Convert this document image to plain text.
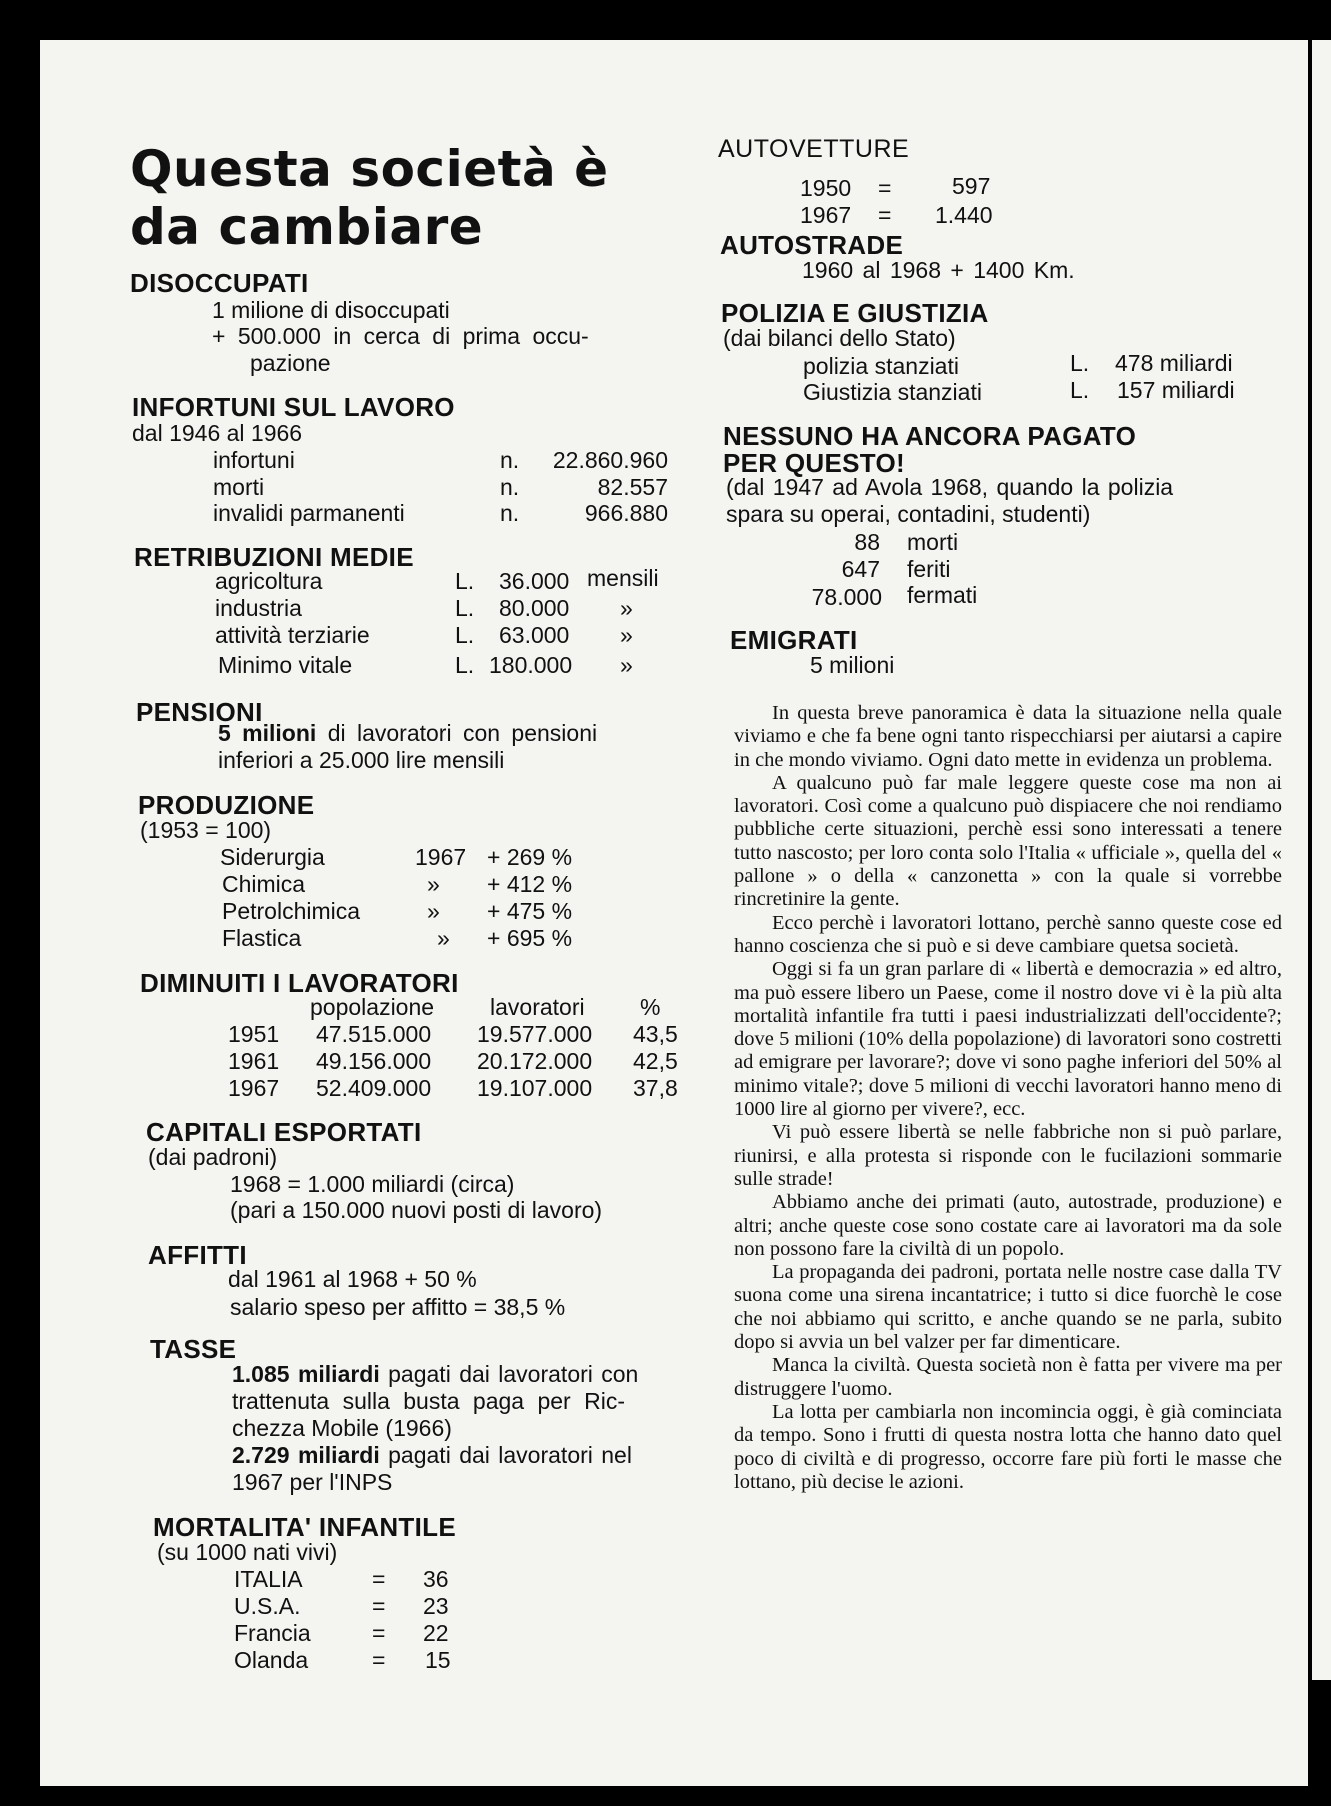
Questa società è
da cambiare
DISOCCUPATI
1 milione di disoccupati
+ 500.000 in cerca di prima occu-
pazione
INFORTUNI SUL LAVORO
dal 1946 al 1966
infortuni	n. 22.860.960
morti	n.	82.557
invalidi parmanenti	n.	966.880
RETRIBUZIONI MEDIE
agricoltura	L. 36.000 mensili
industria	L. 80.000 »
attività terziarie	L. 63.000 »
Minimo vitale	L. 180.000 »
PENSIONI
5 milioni di lavoratori con pensioni
inferiori a 25.000 lire mensili
PRODUZIONE
(1953 = 100)
Siderurgia	1967 + 269 %
Chimica	» + 412 %
Petrolchimica	» + 475 %
Flastica	» + 695 %
DIMINUITI I LAVORATORI
popolazione lavoratori %
1951 47.515.000 19.577.000 43,5
1961 49.156.000 20.172.000 42,5
1967 52.409.000 19.107.000 37,8
CAPITALI ESPORTATI
(dai padroni)
1968 = 1.000 miliardi (circa)
(pari a 150.000 nuovi posti di lavoro)
AFFITTI
dal 1961 al 1968 + 50 %
salario speso per affitto = 38,5 %
TASSE
1.085 miliardi pagati dai lavoratori con
trattenuta sulla busta paga per Ric-
chezza Mobile (1966)
2.729 miliardi pagati dai lavoratori nel
1967 per l'INPS
MORTALITA' INFANTILE
(su 1000 nati vivi)
ITALIA	= 36
U.S.A.	= 23
Francia	= 22
Olanda	= 15
AUTOVETTURE
1950 =	597
1967 = 1.440
AUTOSTRADE
1960 al 1968 + 1400 Km.
POLIZIA E GIUSTIZIA
(dai bilanci dello Stato)
polizia stanziati	L. 478 miliardi
Giustizia stanziati	L. 157 miliardi
NESSUNO HA ANCORA PAGATO
PER QUESTO!
(dal 1947 ad Avola 1968, quando la polizia
spara su operai, contadini, studenti)
88 morti
647 feriti
78.000 fermati
EMIGRATI
5 milioni

In questa breve panoramica è data la situazione nella quale viviamo e che fa bene ogni tanto rispecchiarsi per aiutarsi a capire in che mondo viviamo. Ogni dato mette in evidenza un problema.

A qualcuno può far male leggere queste cose ma non ai lavoratori. Così come a qualcuno può dispiacere che noi rendiamo pubbliche certe situazioni, perchè essi sono interessati a tenere tutto nascosto; per loro conta solo l'Italia « ufficiale », quella del « pallone » o della « canzonetta » con la quale si vorrebbe rincretinire la gente.

Ecco perchè i lavoratori lottano, perchè sanno queste cose ed hanno coscienza che si può e si deve cambiare quetsa società.

Oggi si fa un gran parlare di « libertà e democrazia » ed altro, ma può essere libero un Paese, come il nostro dove vi è la più alta mortalità infantile fra tutti i paesi industrializzati dell'occidente?; dove 5 milioni (10% della popolazione) di lavoratori sono costretti ad emigrare per lavorare?; dove vi sono paghe inferiori del 50% al minimo vitale?; dove 5 milioni di vecchi lavoratori hanno meno di 1000 lire al giorno per vivere?, ecc.

Vi può essere libertà se nelle fabbriche non si può parlare, riunirsi, e alla protesta si risponde con le fucilazioni sommarie sulle strade!

Abbiamo anche dei primati (auto, autostrade, produzione) e altri; anche queste cose sono costate care ai lavoratori ma da sole non possono fare la civiltà di un popolo.

La propaganda dei padroni, portata nelle nostre case dalla TV suona come una sirena incantatrice; i tutto si dice fuorchè le cose che noi abbiamo qui scritto, e anche quando se ne parla, subito dopo si avvia un bel valzer per far dimenticare.

Manca la civiltà. Questa società non è fatta per vivere ma per distruggere l'uomo.

La lotta per cambiarla non incomincia oggi, è già cominciata da tempo. Sono i frutti di questa nostra lotta che hanno dato quel poco di civiltà e di progresso, occorre fare più forti le masse che lottano, più decise le azioni.
